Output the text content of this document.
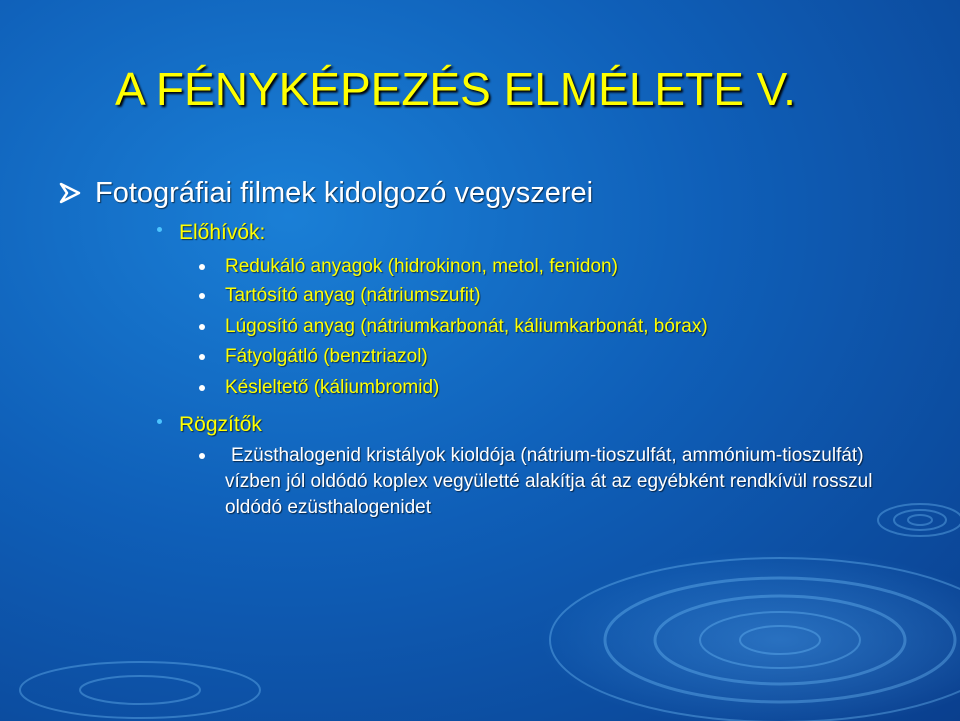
A FÉNYKÉPEZÉS ELMÉLETE V.
Fotográfiai filmek kidolgozó vegyszerei
Előhívók:
Redukáló anyagok (hidrokinon, metol, fenidon)
Tartósító anyag (nátriumszufit)
Lúgosító anyag (nátriumkarbonát, káliumkarbonát, bórax)
Fátyolgátló (benztriazol)
Késleltető (káliumbromid)
Rögzítők
Ezüsthalogenid kristályok kioldója (nátrium-tioszulfát, ammónium-tioszulfát) vízben jól oldódó koplex vegyületté alakítja át az egyébként rendkívül rosszul oldódó ezüsthalogenidet
